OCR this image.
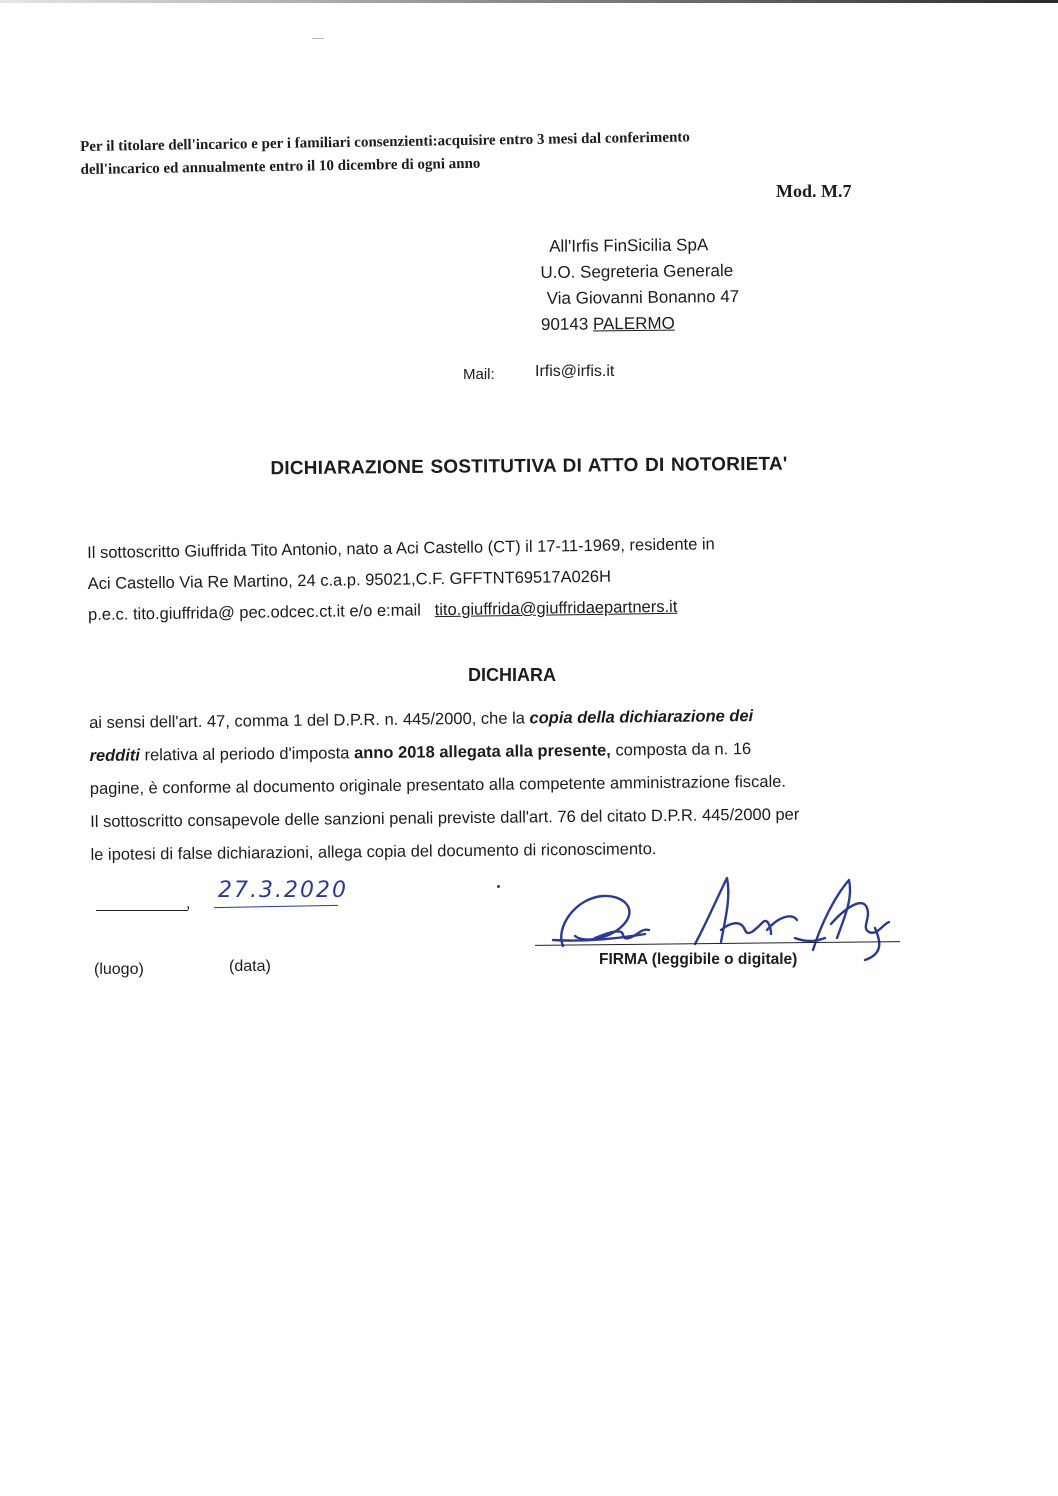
Per il titolare dell'incarico e per i familiari consenzienti:acquisire entro 3 mesi dal conferimento
dell'incarico ed annualmente entro il 10 dicembre di ogni anno
Mod. M.7
All'Irfis FinSicilia SpA
U.O. Segreteria Generale
Via Giovanni Bonanno 47
90143 PALERMO
Mail:	Irfis@irfis.it
DICHIARAZIONE SOSTITUTIVA DI ATTO DI NOTORIETA'
Il sottoscritto Giuffrida Tito Antonio, nato a Aci Castello (CT) il 17-11-1969, residente in
Aci Castello Via Re Martino, 24 c.a.p. 95021,C.F. GFFTNT69517A026H
p.e.c. tito.giuffrida@ pec.odcec.ct.it e/o e:mail tito.giuffrida@giuffridaepartners.it
DICHIARA
ai sensi dell'art. 47, comma 1 del D.P.R. n. 445/2000, che la copia della dichiarazione dei
redditi relativa al periodo d'imposta anno 2018 allegata alla presente, composta da n. 16
pagine, è conforme al documento originale presentato alla competente amministrazione fiscale.
Il sottoscritto consapevole delle sanzioni penali previste dall'art. 76 del citato D.P.R. 445/2000 per
le ipotesi di false dichiarazioni, allega copia del documento di riconoscimento.
,
27.3.2020
(luogo)	(data)	FIRMA (leggibile o digitale)
